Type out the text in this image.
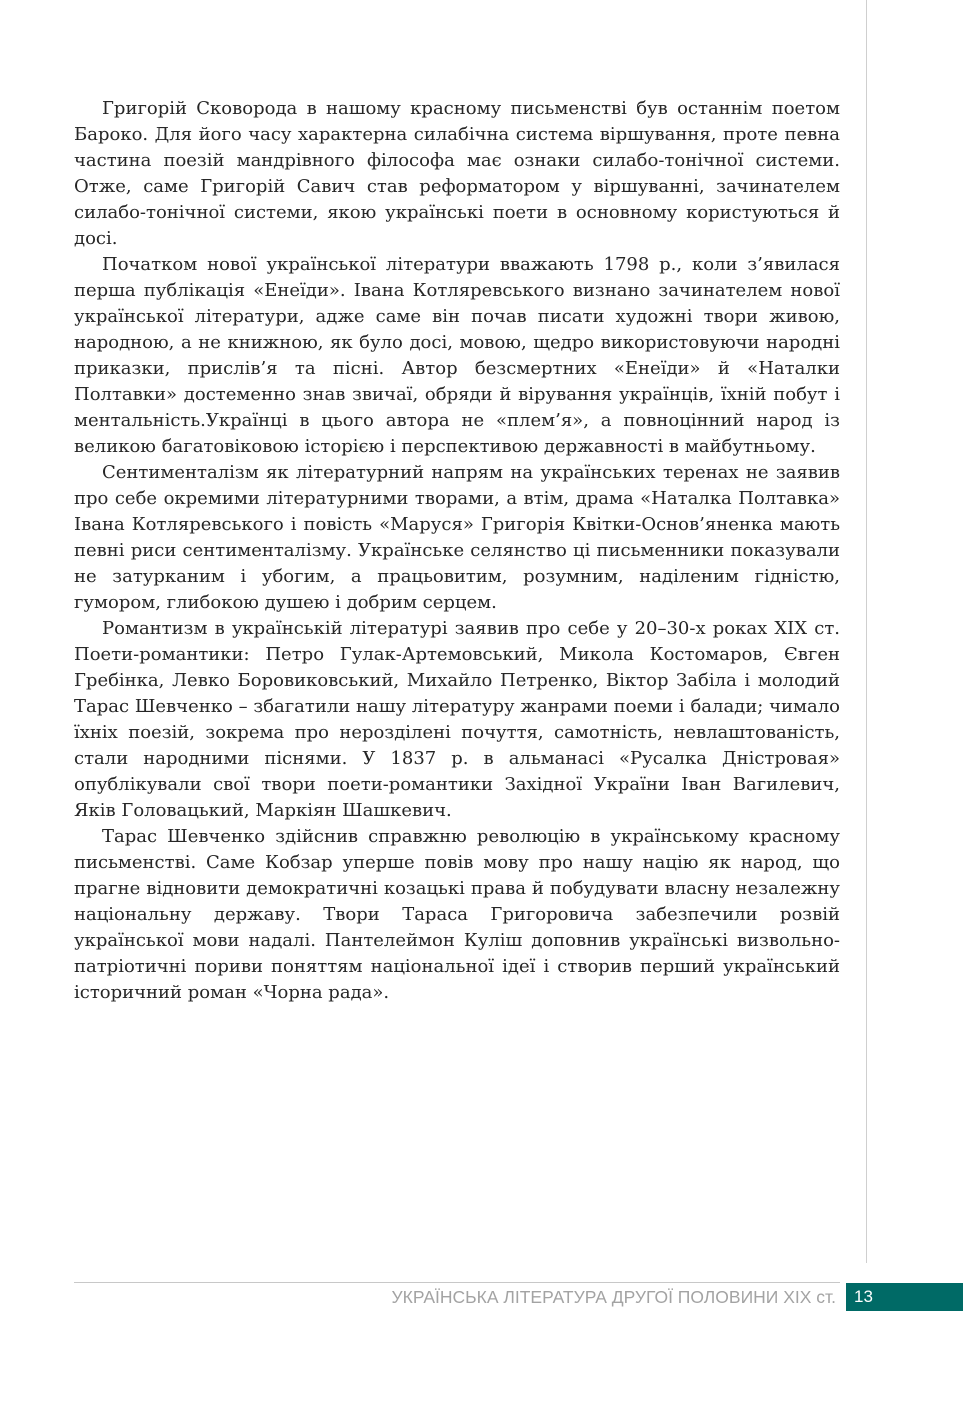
Григорій Сковорода в нашому красному письменстві був останнім поетом Бароко. Для його часу характерна силабічна система віршування, проте певна частина поезій мандрівного філософа має ознаки силабо-тонічної системи. Отже, саме Григорій Савич став реформатором у віршуванні, зачинателем силабо-тонічної системи, якою українські поети в основному користуються й досі.

Початком нової української літератури вважають 1798 р., коли з’явилася перша публікація «Енеїди». Івана Котляревського визнано зачинателем нової української літератури, адже саме він почав писати художні твори живою, народною, а не книжною, як було досі, мовою, щедро використовуючи народні приказки, прислів’я та пісні. Автор безсмертних «Енеїди» й «Наталки Полтавки» достеменно знав звичаї, обряди й вірування українців, їхній побут і ментальність.Українці в цього автора не «плем’я», а повноцінний народ із великою багатовіковою історією і перспективою державності в майбутньому.

Сентименталізм як літературний напрям на українських теренах не заявив про себе окремими літературними творами, а втім, драма «Наталка Полтавка» Івана Котляревського і повість «Маруся» Григорія Квітки-Основ’яненка мають певні риси сентименталізму. Українське селянство ці письменники показували не затурканим і убогим, а працьовитим, розумним, наділеним гідністю, гумором, глибокою душею і добрим серцем.

Романтизм в українській літературі заявив про себе у 20–30-х роках XIX ст. Поети-романтики: Петро Гулак-Артемовський, Микола Костомаров, Євген Гребінка, Левко Боровиковський, Михайло Петренко, Віктор Забіла і молодий Тарас Шевченко – збагатили нашу літературу жанрами поеми і балади; чимало їхніх поезій, зокрема про нерозділені почуття, самотність, невлаштованість, стали народними піснями. У 1837 р. в альманасі «Русалка Дністровая» опублікували свої твори поети-романтики Західної України Іван Вагилевич, Яків Головацький, Маркіян Шашкевич.

Тарас Шевченко здійснив справжню революцію в українському красному письменстві. Саме Кобзар уперше повів мову про нашу націю як народ, що прагне відновити демократичні козацькі права й побудувати власну незалежну національну державу. Твори Тараса Григоровича забезпечили розвій української мови надалі. Пантелеймон Куліш доповнив українські визвольно-патріотичні пориви поняттям національної ідеї і створив перший український історичний роман «Чорна рада».

УКРАЇНСЬКА ЛІТЕРАТУРА ДРУГОЇ ПОЛОВИНИ XIX ст.	13
